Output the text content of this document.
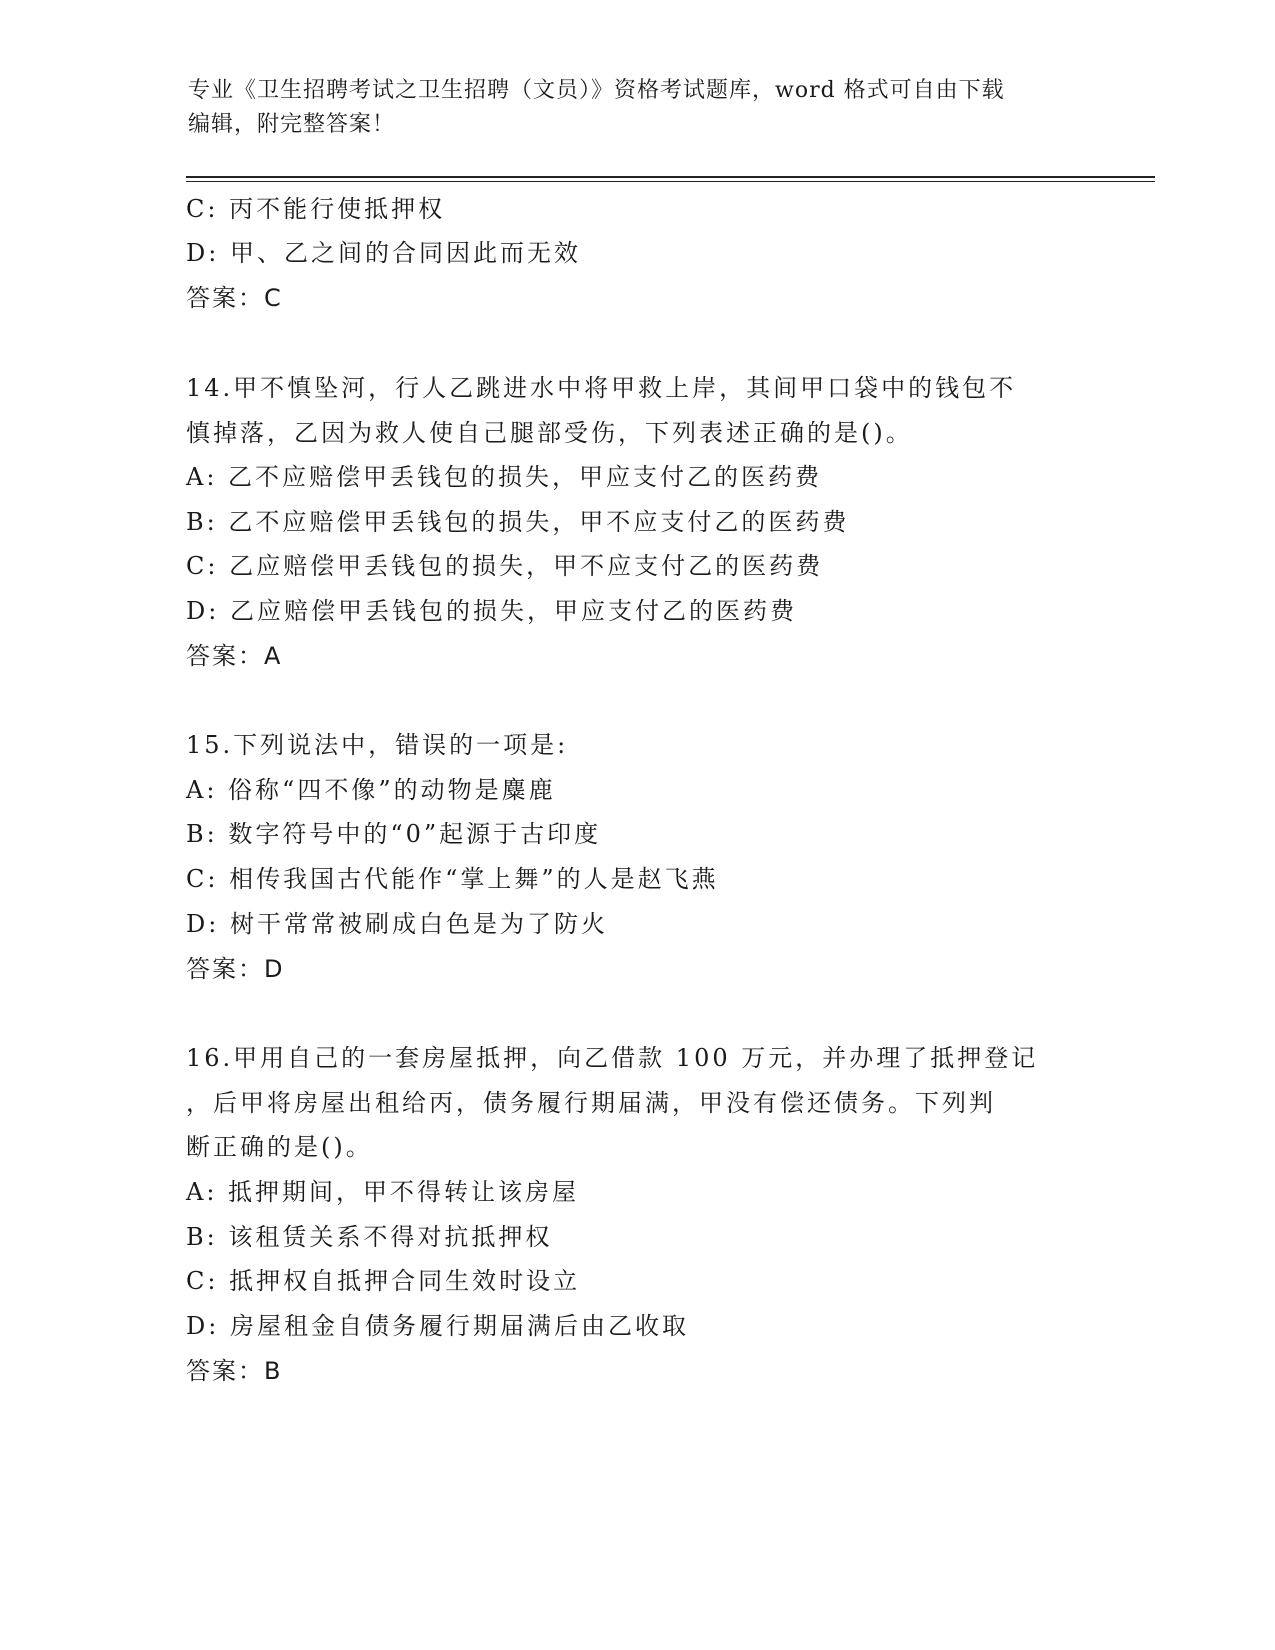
专业《卫生招聘考试之卫生招聘（文员）》资格考试题库，word 格式可自由下载
编辑，附完整答案！
C: 丙不能行使抵押权
D: 甲、乙之间的合同因此而无效
答案：C
14.甲不慎坠河，行人乙跳进水中将甲救上岸，其间甲口袋中的钱包不
慎掉落，乙因为救人使自己腿部受伤，下列表述正确的是()。
A: 乙不应赔偿甲丢钱包的损失，甲应支付乙的医药费
B: 乙不应赔偿甲丢钱包的损失，甲不应支付乙的医药费
C: 乙应赔偿甲丢钱包的损失，甲不应支付乙的医药费
D: 乙应赔偿甲丢钱包的损失，甲应支付乙的医药费
答案：A
15.下列说法中，错误的一项是:
A: 俗称“四不像”的动物是麋鹿
B: 数字符号中的“0”起源于古印度
C: 相传我国古代能作“掌上舞”的人是赵飞燕
D: 树干常常被刷成白色是为了防火
答案：D
16.甲用自己的一套房屋抵押，向乙借款 100 万元，并办理了抵押登记
，后甲将房屋出租给丙，债务履行期届满，甲没有偿还债务。下列判
断正确的是()。
A: 抵押期间，甲不得转让该房屋
B: 该租赁关系不得对抗抵押权
C: 抵押权自抵押合同生效时设立
D: 房屋租金自债务履行期届满后由乙收取
答案：B
